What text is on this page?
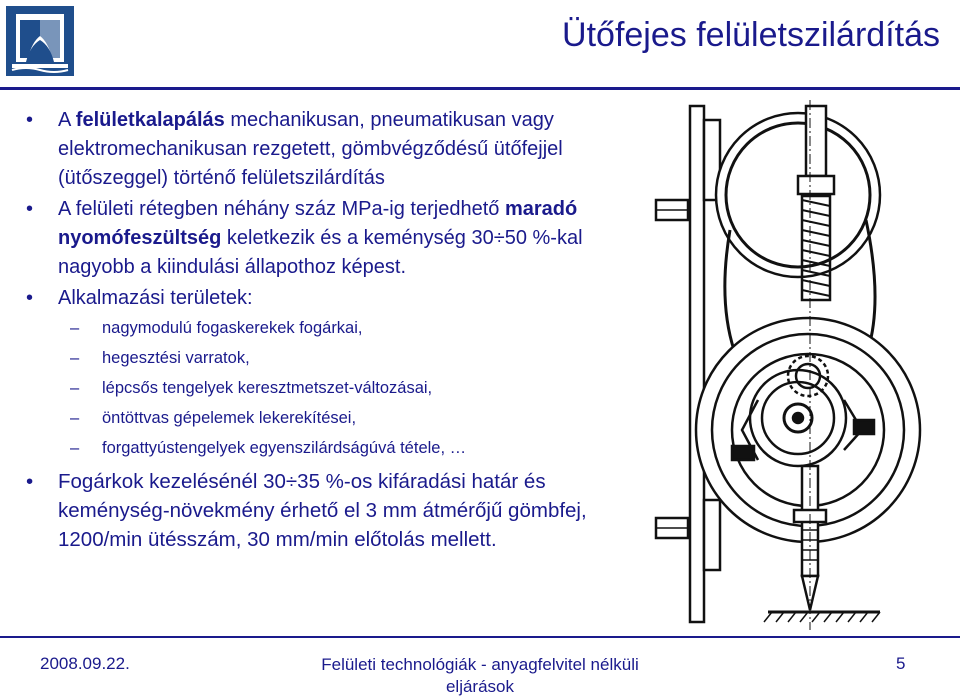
Ütőfejes felületszilárdítás
• A felületkalapálás mechanikusan, pneumatikusan vagy elektromechanikusan rezgetett, gömbvégződésű ütőfejjel (ütőszeggel) történő felületszilárdítás
• A felületi rétegben néhány száz MPa-ig terjedhető maradó nyomófeszültség keletkezik és a keménység 30÷50 %-kal nagyobb a kiindulási állapothoz képest.
• Alkalmazási területek:
– nagymodulú fogaskerekek fogárkai,
– hegesztési varratok,
– lépcsős tengelyek keresztmetszet-változásai,
– öntöttvas gépelemek lekerekítései,
– forgattyústengelyek egyenszilárdságúvá tétele, …
• Fogárkok kezelésénél 30÷35 %-os kifáradási határ és keménység-növekmény érhető el 3 mm átmérőjű gömbfej, 1200/min ütésszám, 30 mm/min előtolás mellett.
2008.09.22.	Felületi technológiák - anyagfelvitel nélküli eljárások
5
